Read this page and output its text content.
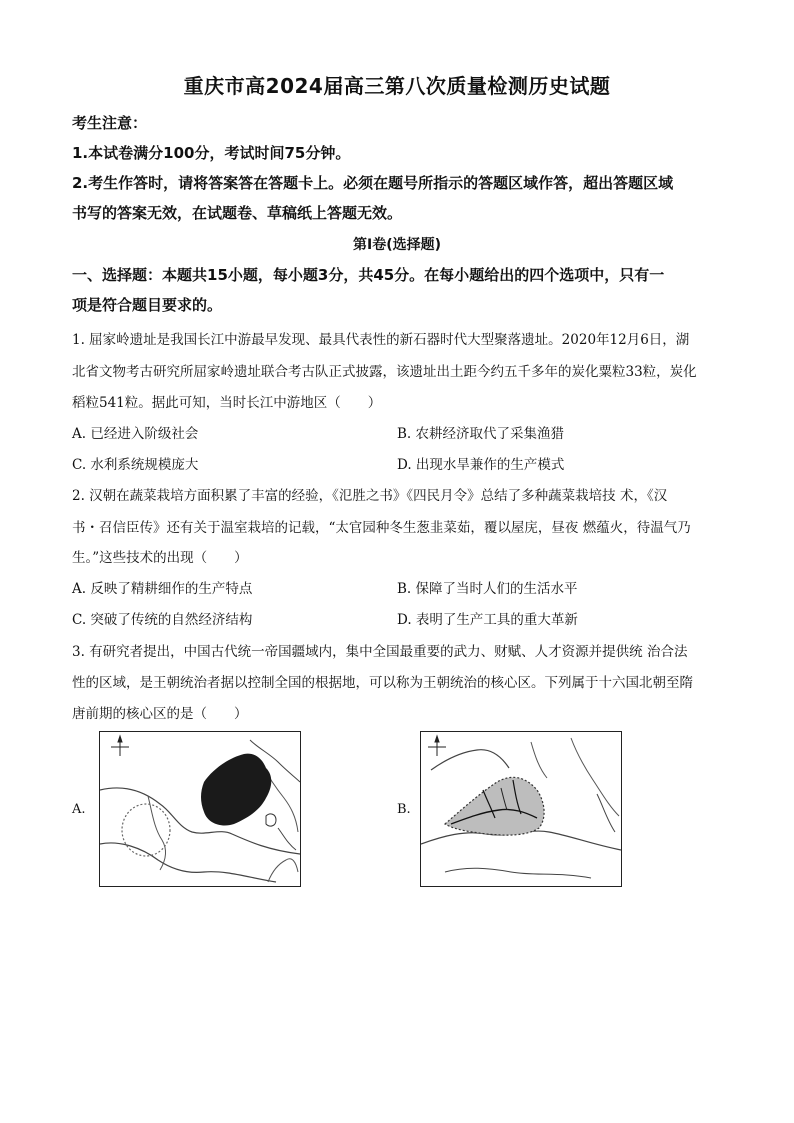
重庆市高2024届高三第八次质量检测历史试题
考生注意：
1.本试卷满分100分，考试时间75分钟。
2.考生作答时，请将答案答在答题卡上。必须在题号所指示的答题区域作答，超出答题区域
书写的答案无效，在试题卷、草稿纸上答题无效。
第Ⅰ卷(选择题)
一、选择题：本题共15小题，每小题3分，共45分。在每小题给出的四个选项中，只有一
项是符合题目要求的。
1. 屈家岭遗址是我国长江中游最早发现、最具代表性的新石器时代大型聚落遗址。2020年12月6日，湖
北省文物考古研究所屈家岭遗址联合考古队正式披露，该遗址出土距今约五千多年的炭化粟粒33粒，炭化
稻粒541粒。据此可知，当时长江中游地区（　　）
A. 已经进入阶级社会	B. 农耕经济取代了采集渔猎
C. 水利系统规模庞大	D. 出现水旱兼作的生产模式
2. 汉朝在蔬菜栽培方面积累了丰富的经验，《氾胜之书》《四民月令》总结了多种蔬菜栽培技 术，《汉
书・召信臣传》还有关于温室栽培的记载，“太官园种冬生葱韭菜茹，覆以屋庑，昼夜 燃蕴火，待温气乃
生。”这些技术的出现（　　）
A. 反映了精耕细作的生产特点	B. 保障了当时人们的生活水平
C. 突破了传统的自然经济结构	D. 表明了生产工具的重大革新
3. 有研究者提出，中国古代统一帝国疆域内，集中全国最重要的武力、财赋、人才资源并提供统 治合法
性的区域，是王朝统治者据以控制全国的根据地，可以称为王朝统治的核心区。下列属于十六国北朝至隋
唐前期的核心区的是（　　）
A.	B.
